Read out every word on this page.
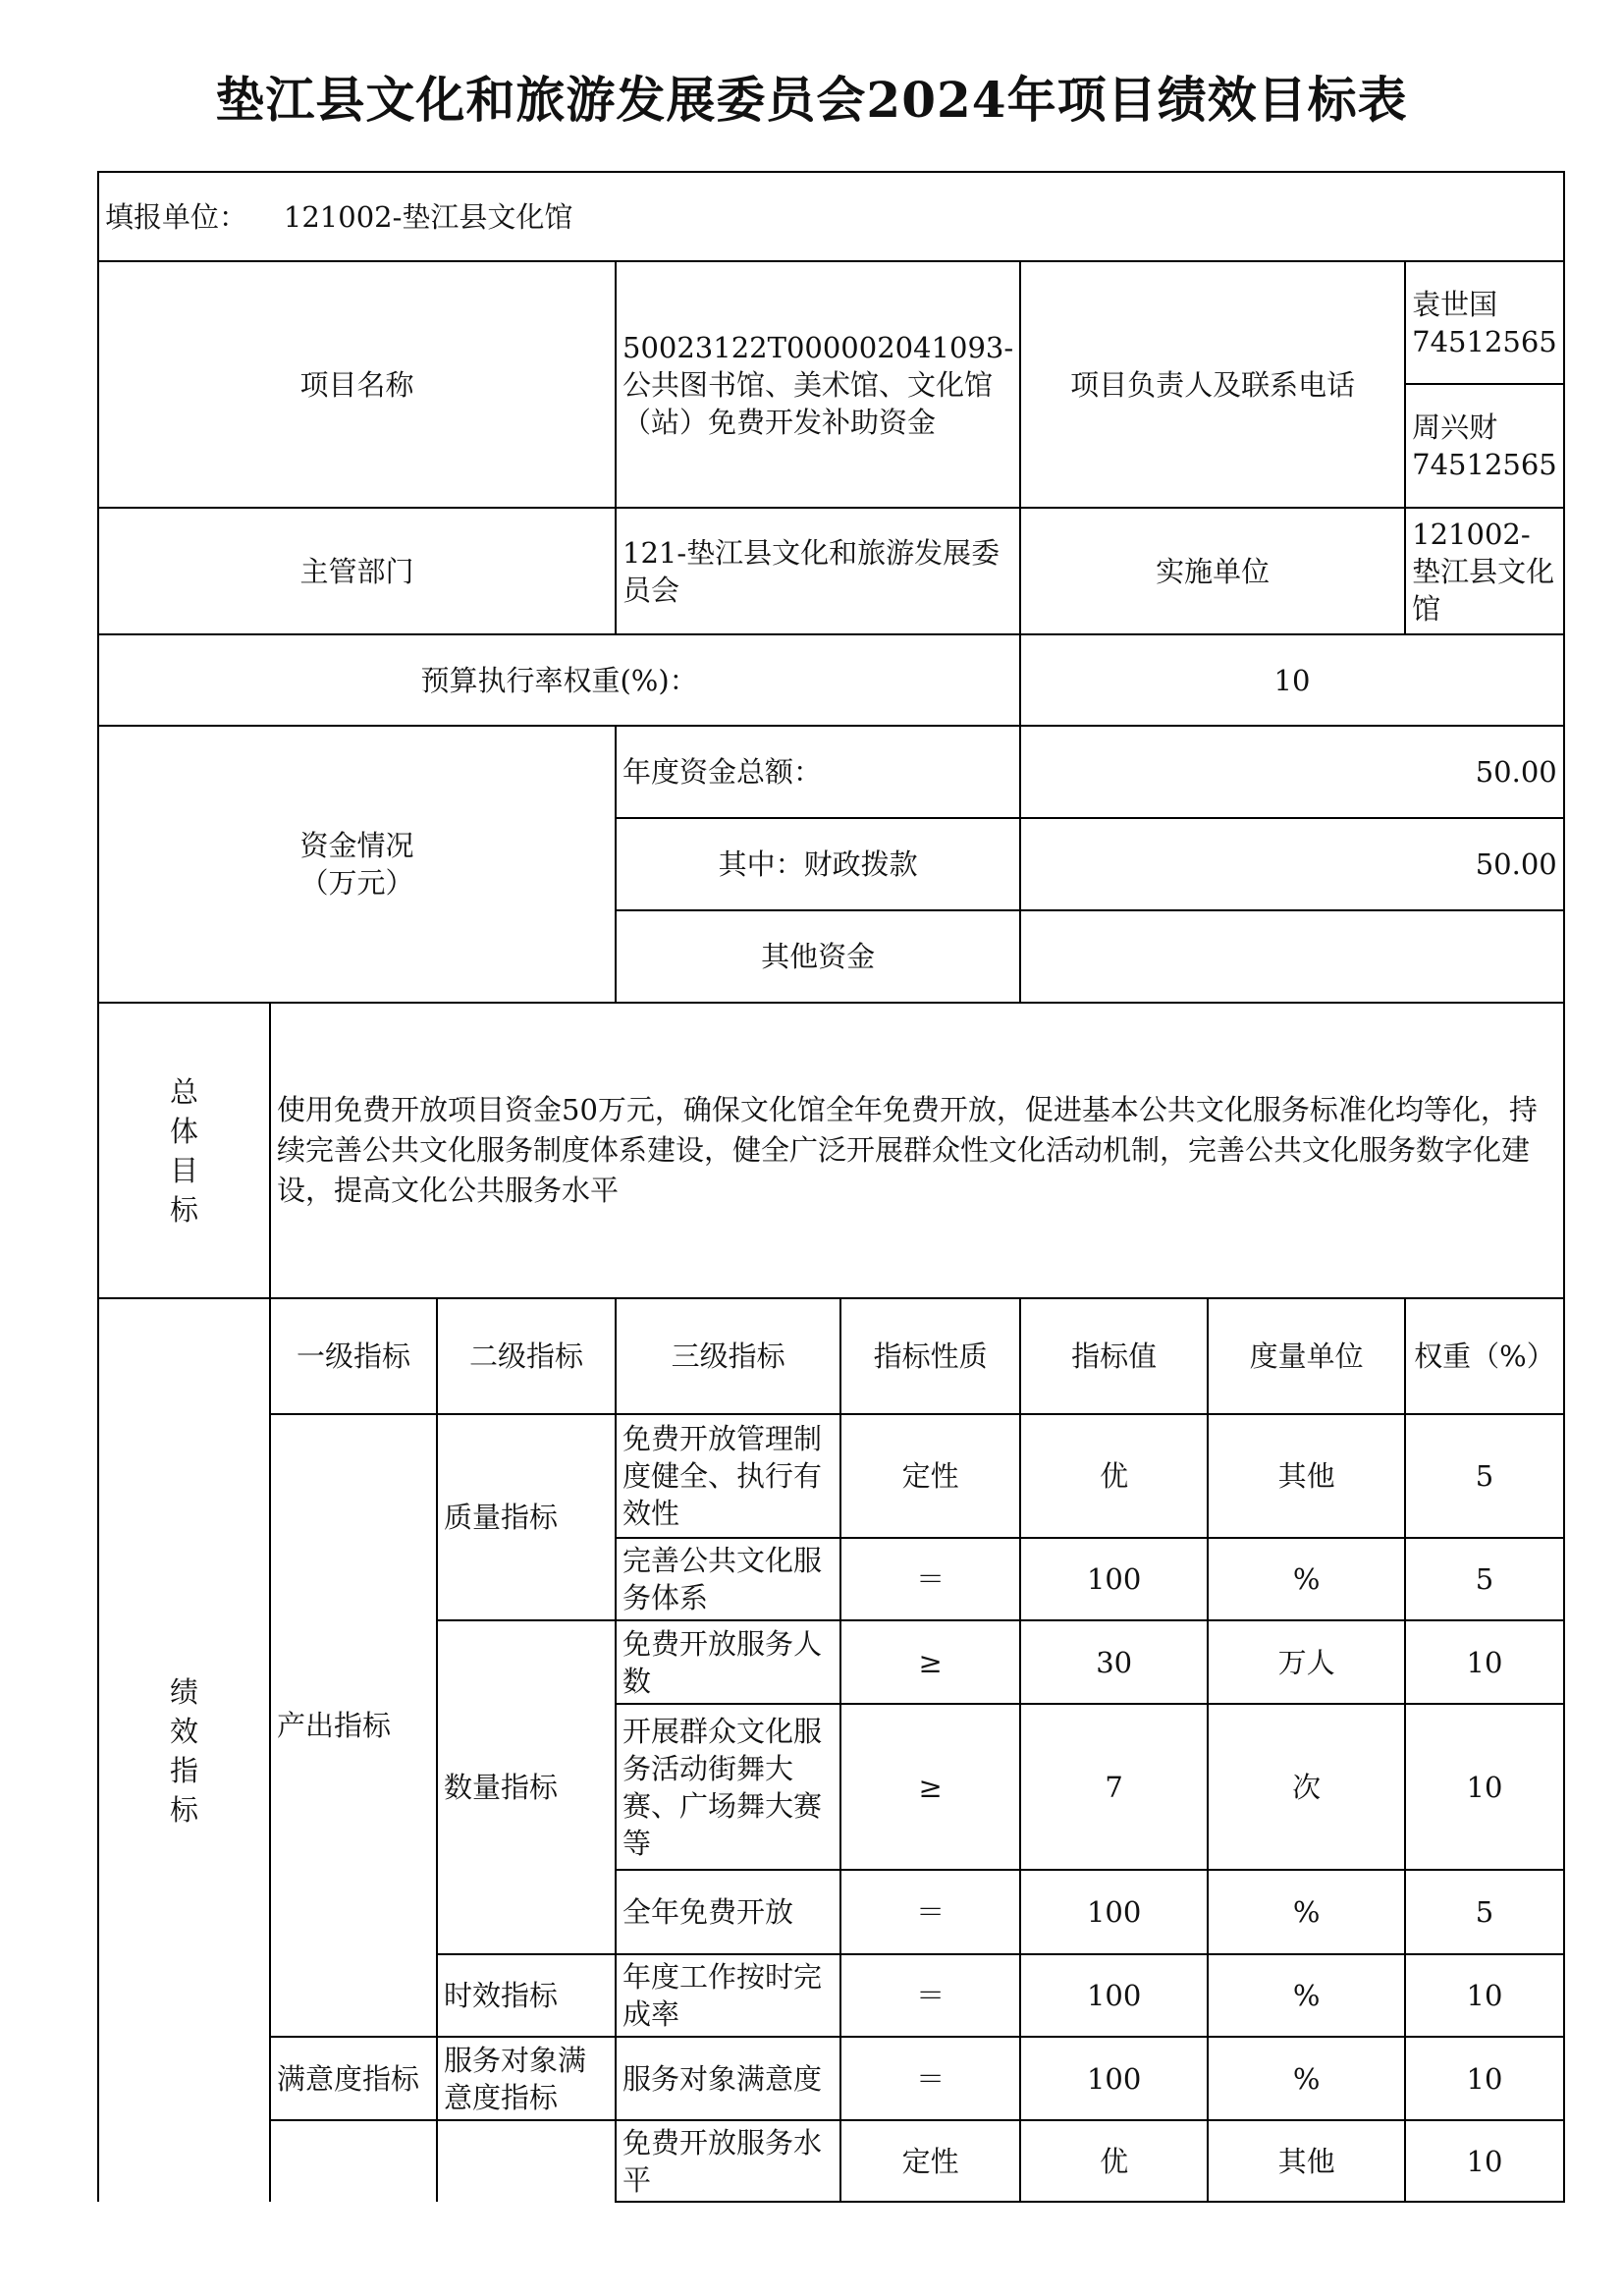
垫江县文化和旅游发展委员会2024年项目绩效目标表
填报单位： 121002-垫江县文化馆							
项目名称			50023122T000002041093-公共图书馆、美术馆、文化馆（站）免费开发补助资金		项目负责人及联系电话		袁世国74512565
							周兴财74512565
主管部门			121-垫江县文化和旅游发展委员会		实施单位		121002-垫江县文化馆
预算执行率权重(%)：					10		

资金情况
（万元）			年度资金总额：		50.00		
			其中：财政拨款		50.00		
			其他资金				

总
体
目
标	使用免费开放项目资金50万元，确保文化馆全年免费开放，促进基本公共文化服务标准化均等化，持续完善公共文化服务制度体系建设，健全广泛开展群众性文化活动机制，完善公共文化服务数字化建设，提高文化公共服务水平						

绩
效
指
标	一级指标	二级指标	三级指标	指标性质	指标值	度量单位	权重（%）
	产出指标	质量指标	免费开放管理制度健全、执行有效性	定性	优	其他	5
			完善公共文化服务体系	＝	100	%	5
		数量指标	免费开放服务人数	≥	30	万人	10
			开展群众文化服务活动街舞大赛、广场舞大赛等	≥	7	次	10
			全年免费开放	＝	100	%	5
		时效指标	年度工作按时完成率	＝	100	%	10
	满意度指标	服务对象满意度指标	服务对象满意度	＝	100	%	10
			免费开放服务水平	定性	优	其他	10
